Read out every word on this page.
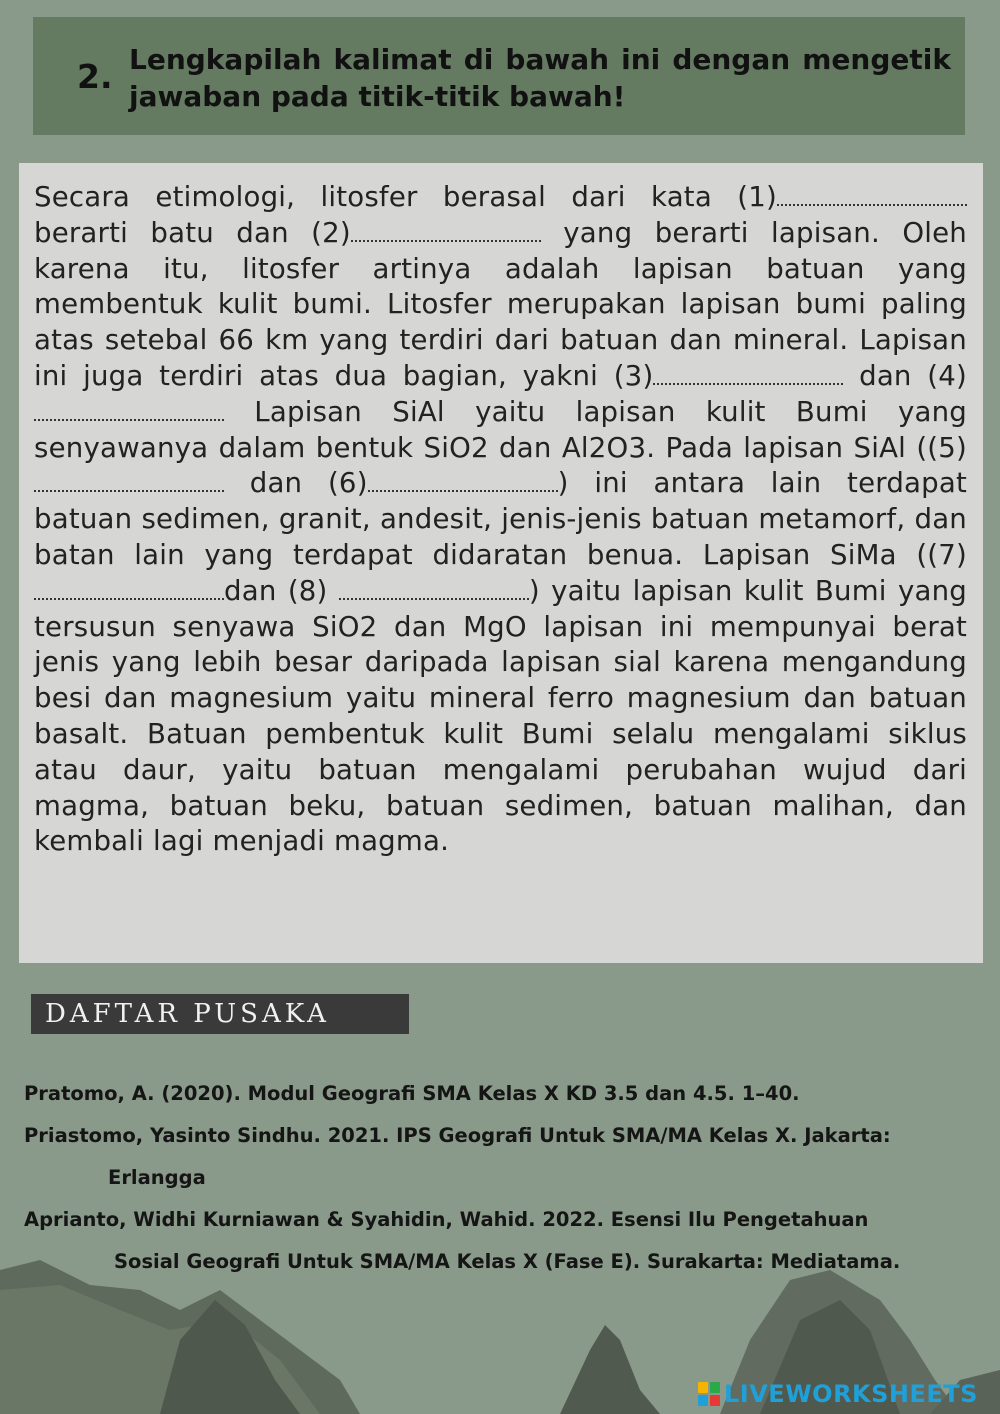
2. Lengkapilah kalimat di bawah ini dengan mengetik jawaban pada titik-titik bawah!

Secara etimologi, litosfer berasal dari kata (1) berarti batu dan (2)	yang berarti lapisan. Oleh karena itu, litosfer artinya adalah lapisan batuan yang membentuk kulit bumi. Litosfer merupakan lapisan bumi paling atas setebal 66 km yang terdiri dari batuan dan mineral. Lapisan ini juga terdiri atas dua bagian, yakni (3)	dan (4) Lapisan SiAl yaitu lapisan kulit Bumi yang senyawanya dalam bentuk SiO2 dan Al2O3. Pada lapisan SiAl ((5) dan (6)	) ini antara lain terdapat batuan sedimen, granit, andesit, jenis-jenis batuan metamorf, dan batan lain yang terdapat didaratan benua. Lapisan SiMa ((7)dan (8)	) yaitu lapisan kulit Bumi yang tersusun senyawa SiO2 dan MgO lapisan ini mempunyai berat jenis yang lebih besar daripada lapisan sial karena mengandung besi dan magnesium yaitu mineral ferro magnesium dan batuan basalt. Batuan pembentuk kulit Bumi selalu mengalami siklus atau daur, yaitu batuan mengalami perubahan wujud dari magma, batuan beku, batuan sedimen, batuan malihan, dan kembali lagi menjadi magma.

DAFTAR PUSAKA

Pratomo, A. (2020). Modul Geografi SMA Kelas X KD 3.5 dan 4.5. 1–40.

Priastomo, Yasinto Sindhu. 2021. IPS Geografi Untuk SMA/MA Kelas X. Jakarta:
Erlangga

Aprianto, Widhi Kurniawan & Syahidin, Wahid. 2022. Esensi Ilu Pengetahuan
Sosial Geografi Untuk SMA/MA Kelas X (Fase E). Surakarta: Mediatama.

LIVEWORKSHEETS
